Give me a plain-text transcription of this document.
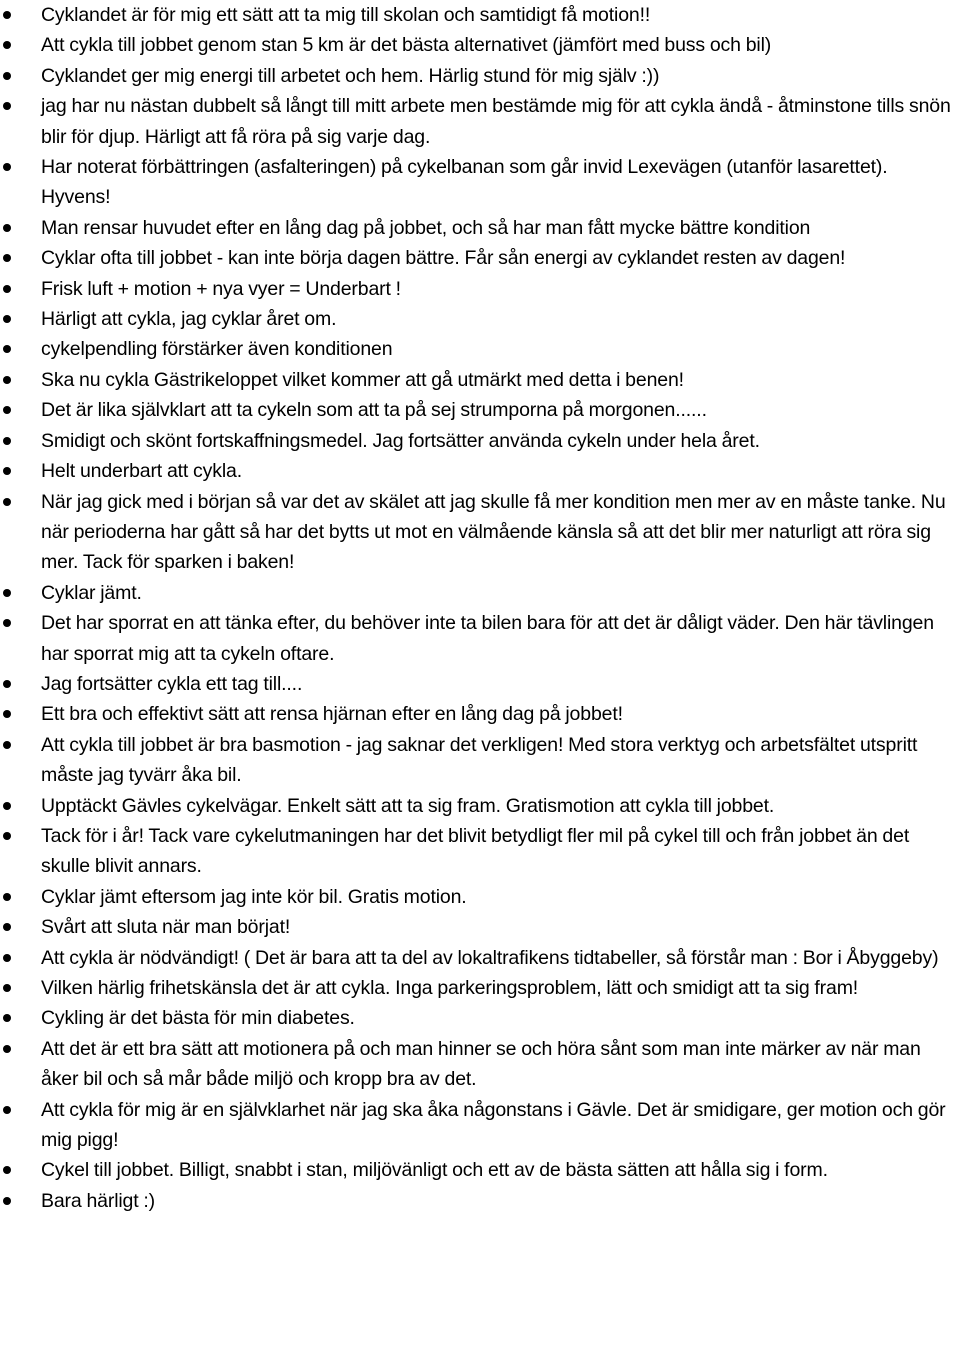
Cyklandet är för mig ett sätt att ta mig till skolan och samtidigt få motion!!
Att cykla till jobbet genom stan 5 km är det bästa alternativet (jämfört med buss och bil)
Cyklandet ger mig energi till arbetet och hem. Härlig stund för mig själv :))
jag har nu nästan dubbelt så långt till mitt arbete men bestämde mig för att cykla ändå - åtminstone tills snön blir för djup. Härligt att få röra på sig varje dag.
Har noterat förbättringen (asfalteringen) på cykelbanan som går invid Lexevägen (utanför lasarettet). Hyvens!
Man rensar huvudet efter en lång dag på jobbet, och så har man fått mycke bättre kondition
Cyklar ofta till jobbet - kan inte börja dagen bättre. Får sån energi av cyklandet resten av dagen!
Frisk luft + motion + nya vyer = Underbart !
Härligt att cykla, jag cyklar året om.
cykelpendling förstärker även konditionen
Ska nu cykla Gästrikeloppet vilket kommer att gå utmärkt med detta i benen!
Det är lika självklart att ta cykeln som att ta på sej strumporna på morgonen......
Smidigt och skönt fortskaffningsmedel. Jag fortsätter använda cykeln under hela året.
Helt underbart att cykla.
När jag gick med i början så var det av skälet att jag skulle få mer kondition men mer av en måste tanke. Nu när perioderna har gått så har det bytts ut mot en välmående känsla så att det blir mer naturligt att röra sig mer. Tack för sparken i baken!
Cyklar jämt.
Det har sporrat en att tänka efter, du behöver inte ta bilen bara för att det är dåligt väder. Den här tävlingen har sporrat mig att ta cykeln oftare.
Jag fortsätter cykla ett tag till....
Ett bra och effektivt sätt att rensa hjärnan efter en lång dag på jobbet!
Att cykla till jobbet är bra basmotion - jag saknar det verkligen! Med stora verktyg och arbetsfältet utspritt måste jag tyvärr åka bil.
Upptäckt Gävles cykelvägar. Enkelt sätt att ta sig fram. Gratismotion att cykla till jobbet.
Tack för i år! Tack vare cykelutmaningen har det blivit betydligt fler mil på cykel till och från jobbet än det skulle blivit annars.
Cyklar jämt eftersom jag inte kör bil. Gratis motion.
Svårt att sluta när man börjat!
Att cykla är nödvändigt! ( Det är bara att ta del av lokaltrafikens tidtabeller, så förstår man : Bor i Åbyggeby)
Vilken härlig frihetskänsla det är att cykla. Inga parkeringsproblem, lätt och smidigt att ta sig fram!
Cykling är det bästa för min diabetes.
Att det är ett bra sätt att motionera på och man hinner se och höra sånt som man inte märker av när man åker bil och så mår både miljö och kropp bra av det.
Att cykla för mig är en självklarhet när jag ska åka någonstans i Gävle. Det är smidigare, ger motion och gör mig pigg!
Cykel till jobbet. Billigt, snabbt i stan, miljövänligt och ett av de bästa sätten att hålla sig i form.
Bara härligt :)
